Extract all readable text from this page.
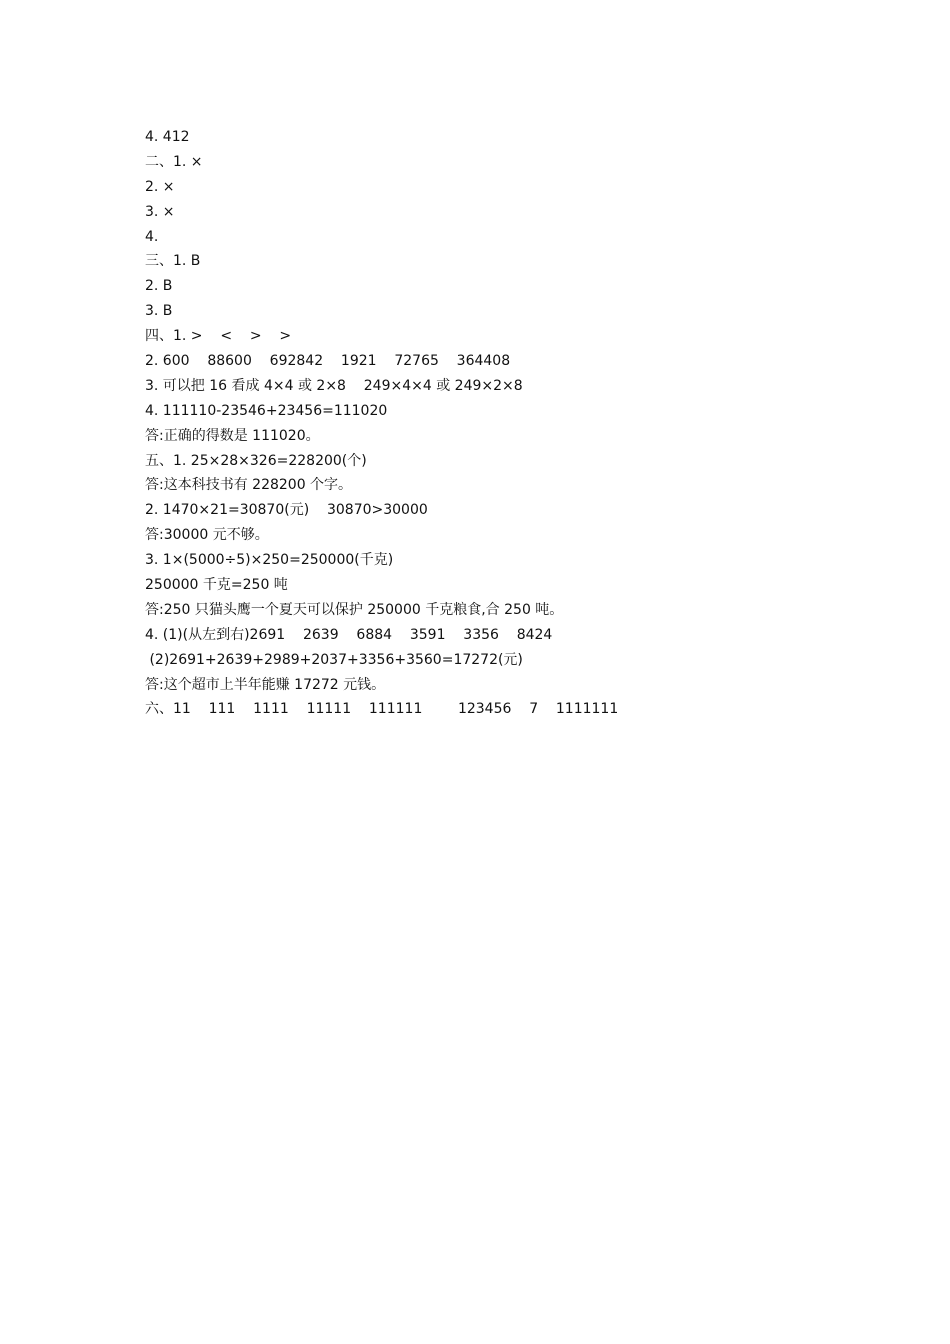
4. 412
二、1. ×
2. ×
3. ×
4.
三、1. B
2. B
3. B
四、1. >    <    >    >
2. 600    88600    692842    1921    72765    364408
3. 可以把 16 看成 4×4 或 2×8    249×4×4 或 249×2×8
4. 111110-23546+23456=111020
答:正确的得数是 111020。
五、1. 25×28×326=228200(个)
答:这本科技书有 228200 个字。
2. 1470×21=30870(元)    30870>30000
答:30000 元不够。
3. 1×(5000÷5)×250=250000(千克)
250000 千克=250 吨
答:250 只猫头鹰一个夏天可以保护 250000 千克粮食,合 250 吨。
4. (1)(从左到右)2691    2639    6884    3591    3356    8424
(2)2691+2639+2989+2037+3356+3560=17272(元)
答:这个超市上半年能赚 17272 元钱。
六、11    111    1111    11111    111111        123456    7    1111111
